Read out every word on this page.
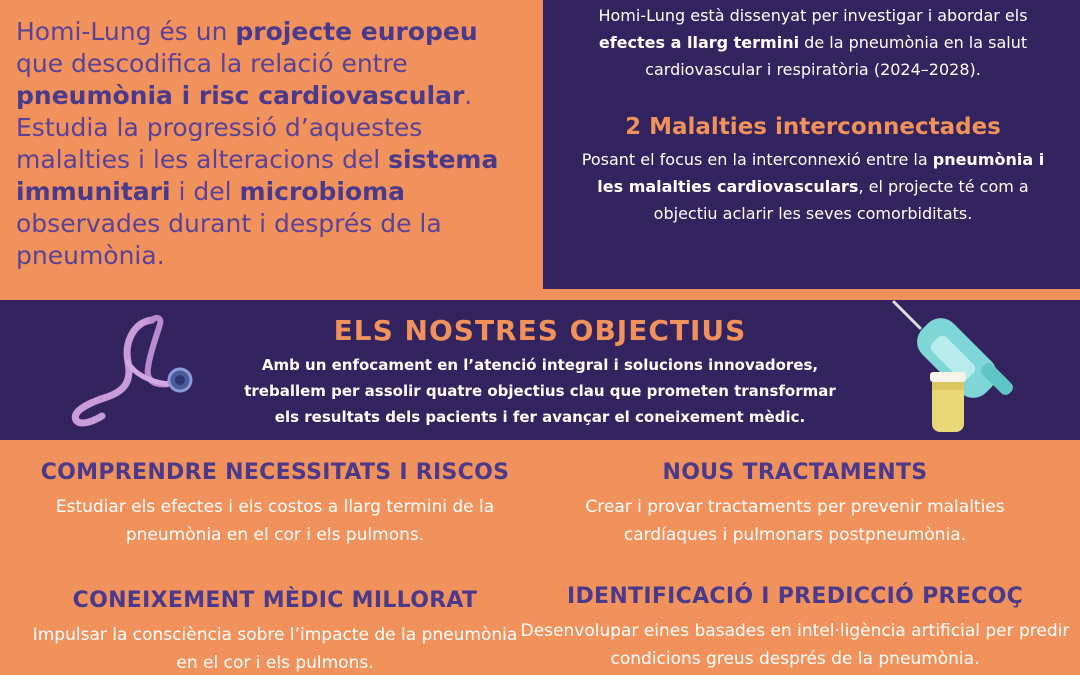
Homi-Lung és un projecte europeu que descodifica la relació entre pneumònia i risc cardiovascular. Estudia la progressió d’aquestes malalties i les alteracions del sistema immunitari i del microbioma observades durant i després de la pneumònia.

Homi-Lung està dissenyat per investigar i abordar els efectes a llarg termini de la pneumònia en la salut cardiovascular i respiratòria (2024–2028).

2 Malalties interconnectades

Posant el focus en la interconnexió entre la pneumònia i les malalties cardiovasculars, el projecte té com a objectiu aclarir les seves comorbiditats.

ELS NOSTRES OBJECTIUS

Amb un enfocament en l’atenció integral i solucions innovadores, treballem per assolir quatre objectius clau que prometen transformar els resultats dels pacients i fer avançar el coneixement mèdic.

COMPRENDRE NECESSITATS I RISCOS

Estudiar els efectes i els costos a llarg termini de la pneumònia en el cor i els pulmons.

NOUS TRACTAMENTS

Crear i provar tractaments per prevenir malalties cardíaques i pulmonars postpneumònia.

CONEIXEMENT MÈDIC MILLORAT

Impulsar la consciència sobre l’impacte de la pneumònia en el cor i els pulmons.

IDENTIFICACIÓ I PREDICCIÓ PRECOÇ

Desenvolupar eines basades en intel·ligència artificial per predir condicions greus després de la pneumònia.
